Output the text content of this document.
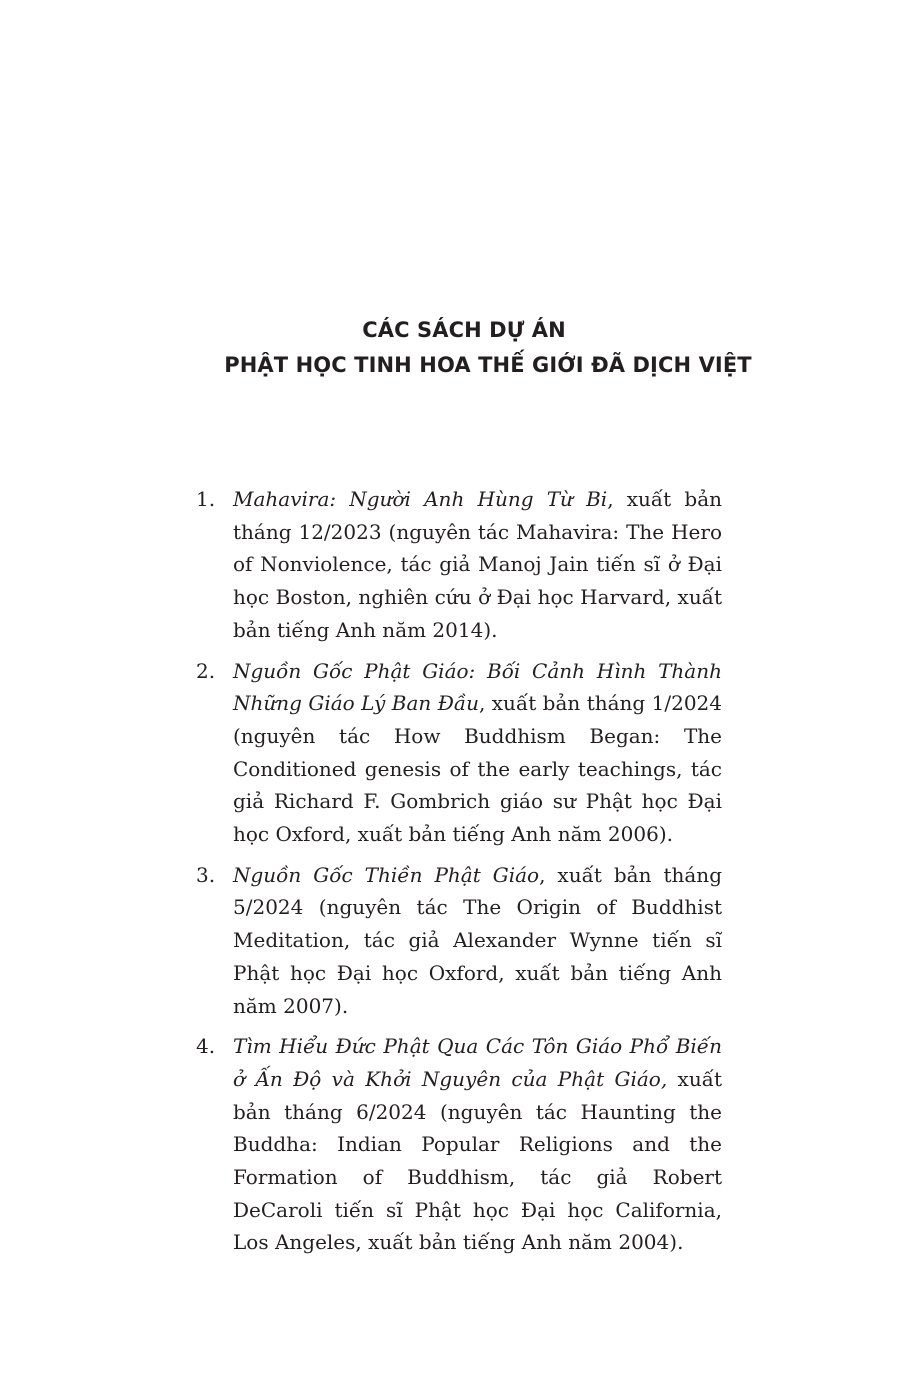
CÁC SÁCH DỰ ÁN
PHẬT HỌC TINH HOA THẾ GIỚI ĐÃ DỊCH VIỆT
1. Mahavira: Người Anh Hùng Từ Bi, xuất bản tháng 12/2023 (nguyên tác Mahavira: The Hero of Nonviolence, tác giả Manoj Jain tiến sĩ ở Đại học Boston, nghiên cứu ở Đại học Harvard, xuất bản tiếng Anh năm 2014).
2. Nguồn Gốc Phật Giáo: Bối Cảnh Hình Thành Những Giáo Lý Ban Đầu, xuất bản tháng 1/2024 (nguyên tác How Buddhism Began: The Conditioned genesis of the early teachings, tác giả Richard F. Gombrich giáo sư Phật học Đại học Oxford, xuất bản tiếng Anh năm 2006).
3. Nguồn Gốc Thiền Phật Giáo, xuất bản tháng 5/2024 (nguyên tác The Origin of Buddhist Meditation, tác giả Alexander Wynne tiến sĩ Phật học Đại học Oxford, xuất bản tiếng Anh năm 2007).
4. Tìm Hiểu Đức Phật Qua Các Tôn Giáo Phổ Biến ở Ấn Độ và Khởi Nguyên của Phật Giáo, xuất bản tháng 6/2024 (nguyên tác Haunting the Buddha: Indian Popular Religions and the Formation of Buddhism, tác giả Robert DeCaroli tiến sĩ Phật học Đại học California, Los Angeles, xuất bản tiếng Anh năm 2004).
